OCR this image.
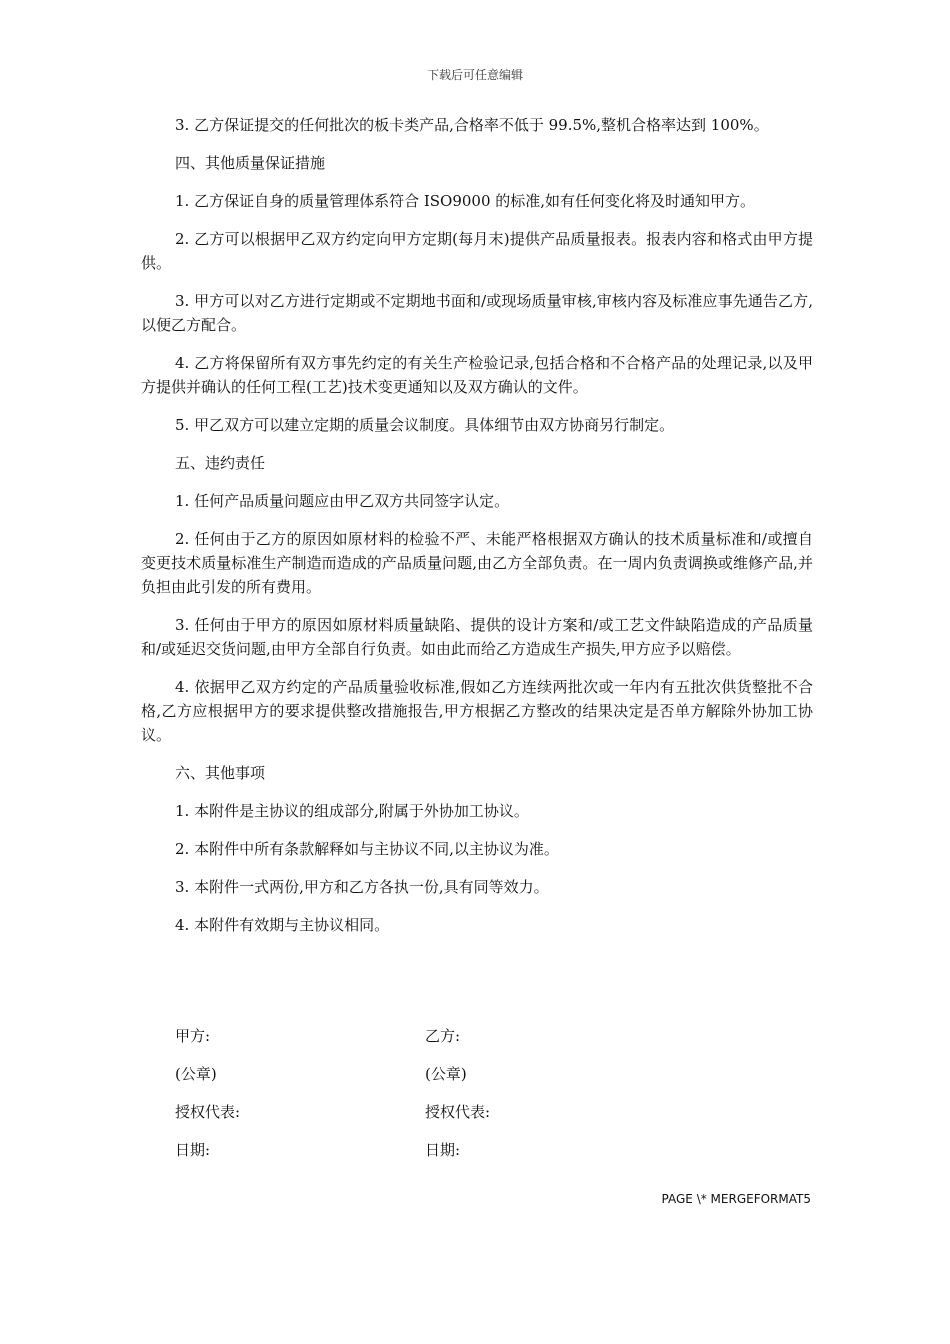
下载后可任意编辑

3. 乙方保证提交的任何批次的板卡类产品,合格率不低于 99.5%,整机合格率达到 100%。

四、其他质量保证措施

1. 乙方保证自身的质量管理体系符合 ISO9000 的标准,如有任何变化将及时通知甲方。

2. 乙方可以根据甲乙双方约定向甲方定期(每月末)提供产品质量报表。报表内容和格式由甲方提供。

3. 甲方可以对乙方进行定期或不定期地书面和/或现场质量审核,审核内容及标准应事先通告乙方,以便乙方配合。

4. 乙方将保留所有双方事先约定的有关生产检验记录,包括合格和不合格产品的处理记录,以及甲方提供并确认的任何工程(工艺)技术变更通知以及双方确认的文件。

5. 甲乙双方可以建立定期的质量会议制度。具体细节由双方协商另行制定。

五、违约责任

1. 任何产品质量问题应由甲乙双方共同签字认定。

2. 任何由于乙方的原因如原材料的检验不严、未能严格根据双方确认的技术质量标准和/或擅自变更技术质量标准生产制造而造成的产品质量问题,由乙方全部负责。在一周内负责调换或维修产品,并负担由此引发的所有费用。

3. 任何由于甲方的原因如原材料质量缺陷、提供的设计方案和/或工艺文件缺陷造成的产品质量和/或延迟交货问题,由甲方全部自行负责。如由此而给乙方造成生产损失,甲方应予以赔偿。

4. 依据甲乙双方约定的产品质量验收标准,假如乙方连续两批次或一年内有五批次供货整批不合格,乙方应根据甲方的要求提供整改措施报告,甲方根据乙方整改的结果决定是否单方解除外协加工协议。

六、其他事项

1. 本附件是主协议的组成部分,附属于外协加工协议。

2. 本附件中所有条款解释如与主协议不同,以主协议为准。

3. 本附件一式两份,甲方和乙方各执一份,具有同等效力。

4. 本附件有效期与主协议相同。

甲方:	乙方:
(公章)	(公章)
授权代表:	授权代表:
日期:	日期:
PAGE \* MERGEFORMAT5
